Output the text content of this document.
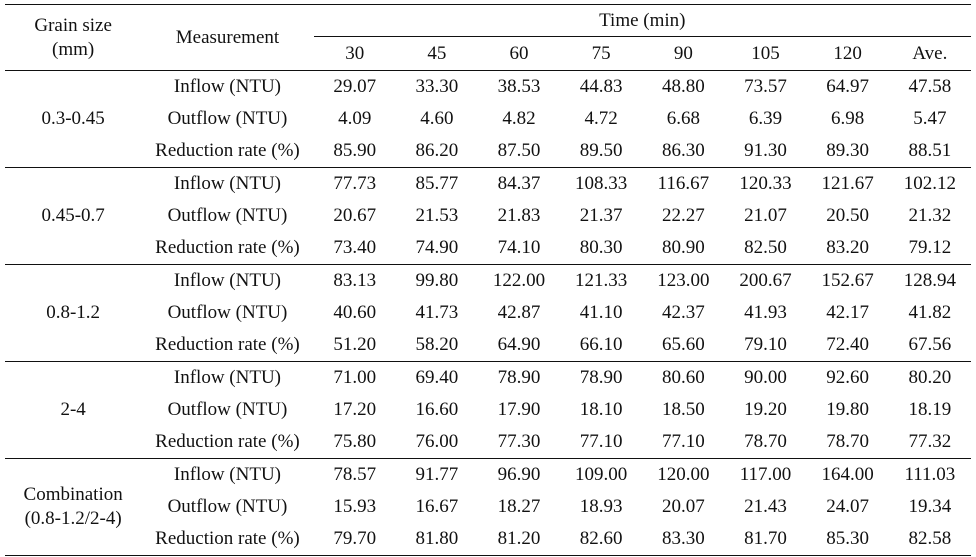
Grain size
(mm)	Measurement	Time (min)							
		30	45	60	75	90	105	120	Ave.

0.3-0.45	Inflow (NTU)	29.07	33.30	38.53	44.83	48.80	73.57	64.97	47.58
	Outflow (NTU)	4.09	4.60	4.82	4.72	6.68	6.39	6.98	5.47
	Reduction rate (%)	85.90	86.20	87.50	89.50	86.30	91.30	89.30	88.51

0.45-0.7	Inflow (NTU)	77.73	85.77	84.37	108.33	116.67	120.33	121.67	102.12
	Outflow (NTU)	20.67	21.53	21.83	21.37	22.27	21.07	20.50	21.32
	Reduction rate (%)	73.40	74.90	74.10	80.30	80.90	82.50	83.20	79.12

0.8-1.2	Inflow (NTU)	83.13	99.80	122.00	121.33	123.00	200.67	152.67	128.94
	Outflow (NTU)	40.60	41.73	42.87	41.10	42.37	41.93	42.17	41.82
	Reduction rate (%)	51.20	58.20	64.90	66.10	65.60	79.10	72.40	67.56

2-4	Inflow (NTU)	71.00	69.40	78.90	78.90	80.60	90.00	92.60	80.20
	Outflow (NTU)	17.20	16.60	17.90	18.10	18.50	19.20	19.80	18.19
	Reduction rate (%)	75.80	76.00	77.30	77.10	77.10	78.70	78.70	77.32

Combination
(0.8-1.2/2-4)	Inflow (NTU)	78.57	91.77	96.90	109.00	120.00	117.00	164.00	111.03
	Outflow (NTU)	15.93	16.67	18.27	18.93	20.07	21.43	24.07	19.34
	Reduction rate (%)	79.70	81.80	81.20	82.60	83.30	81.70	85.30	82.58
